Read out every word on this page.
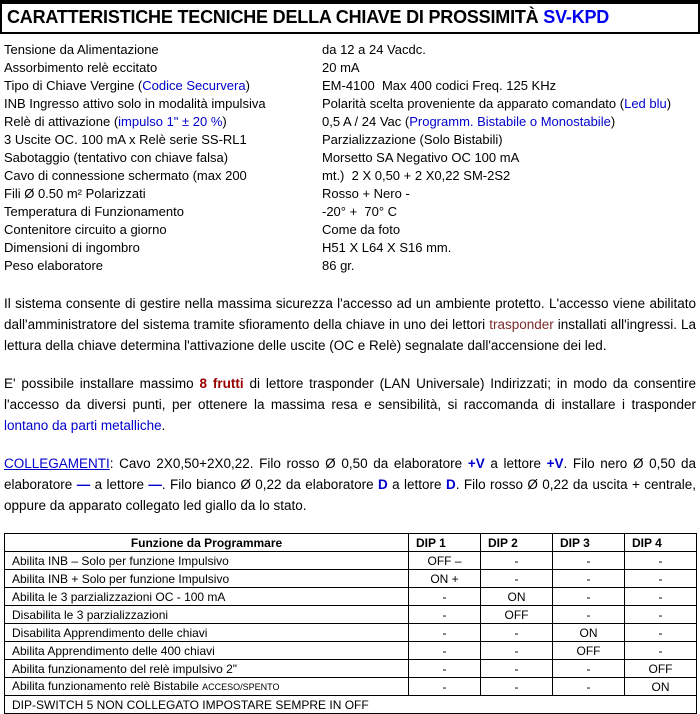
CARATTERISTICHE TECNICHE DELLA CHIAVE DI PROSSIMITÀ SV-KPD
Tensione da Alimentazione	da 12 a 24 Vacdc.
Assorbimento relè eccitato	20 mA
Tipo di Chiave Vergine (Codice Securvera)	EM-4100  Max 400 codici Freq. 125 KHz
INB Ingresso attivo solo in modalità impulsiva	Polarità scelta proveniente da apparato comandato (Led blu)
Relè di attivazione (impulso 1" ± 20 %)	0,5 A / 24 Vac (Programm. Bistabile o Monostabile)
3 Uscite OC. 100 mA x Relè serie SS-RL1	Parzializzazione (Solo Bistabili)
Sabotaggio (tentativo con chiave falsa)	Morsetto SA Negativo OC 100 mA
Cavo di connessione schermato (max 200	mt.)  2 X 0,50 + 2 X0,22 SM-2S2
Fili Ø 0.50 m² Polarizzati	Rosso + Nero -
Temperatura di Funzionamento	-20° +  70° C
Contenitore circuito a giorno	Come da foto
Dimensioni di ingombro	H51 X L64 X S16 mm.
Peso elaboratore	86 gr.

Il sistema consente di gestire nella massima sicurezza l'accesso ad un ambiente protetto. L'accesso viene abilitato dall'amministratore del sistema tramite sfioramento della chiave in uno dei lettori trasponder installati all'ingressi. La lettura della chiave determina l'attivazione delle uscite (OC e Relè) segnalate dall'accensione dei led.

E' possibile installare massimo 8 frutti di lettore trasponder (LAN Universale) Indirizzati; in modo da consentire l'accesso da diversi punti, per ottenere la massima resa e sensibilità, si raccomanda di installare i trasponder lontano da parti metalliche.

COLLEGAMENTI: Cavo 2X0,50+2X0,22. Filo rosso Ø 0,50 da elaboratore +V a lettore +V. Filo nero Ø 0,50 da elaboratore — a lettore —. Filo bianco Ø 0,22 da elaboratore D a lettore D. Filo rosso Ø 0,22 da uscita + centrale, oppure da apparato collegato led giallo da lo stato.

Funzione da Programmare	DIP 1	DIP 2	DIP 3	DIP 4
Abilita INB – Solo per funzione Impulsivo	OFF –	-	-	-
Abilita INB + Solo per funzione Impulsivo	ON +	-	-	-
Abilita le 3 parzializzazioni OC - 100 mA	-	ON	-	-
Disabilita le 3 parzializzazioni	-	OFF	-	-
Disabilita Apprendimento delle chiavi	-	-	ON	-
Abilita Apprendimento delle 400 chiavi	-	-	OFF	-
Abilita funzionamento del relè impulsivo 2"	-	-	-	OFF
Abilita funzionamento relè Bistabile ACCESO/SPENTO	-	-	-	ON
DIP-SWITCH 5 NON COLLEGATO IMPOSTARE SEMPRE IN OFF				
